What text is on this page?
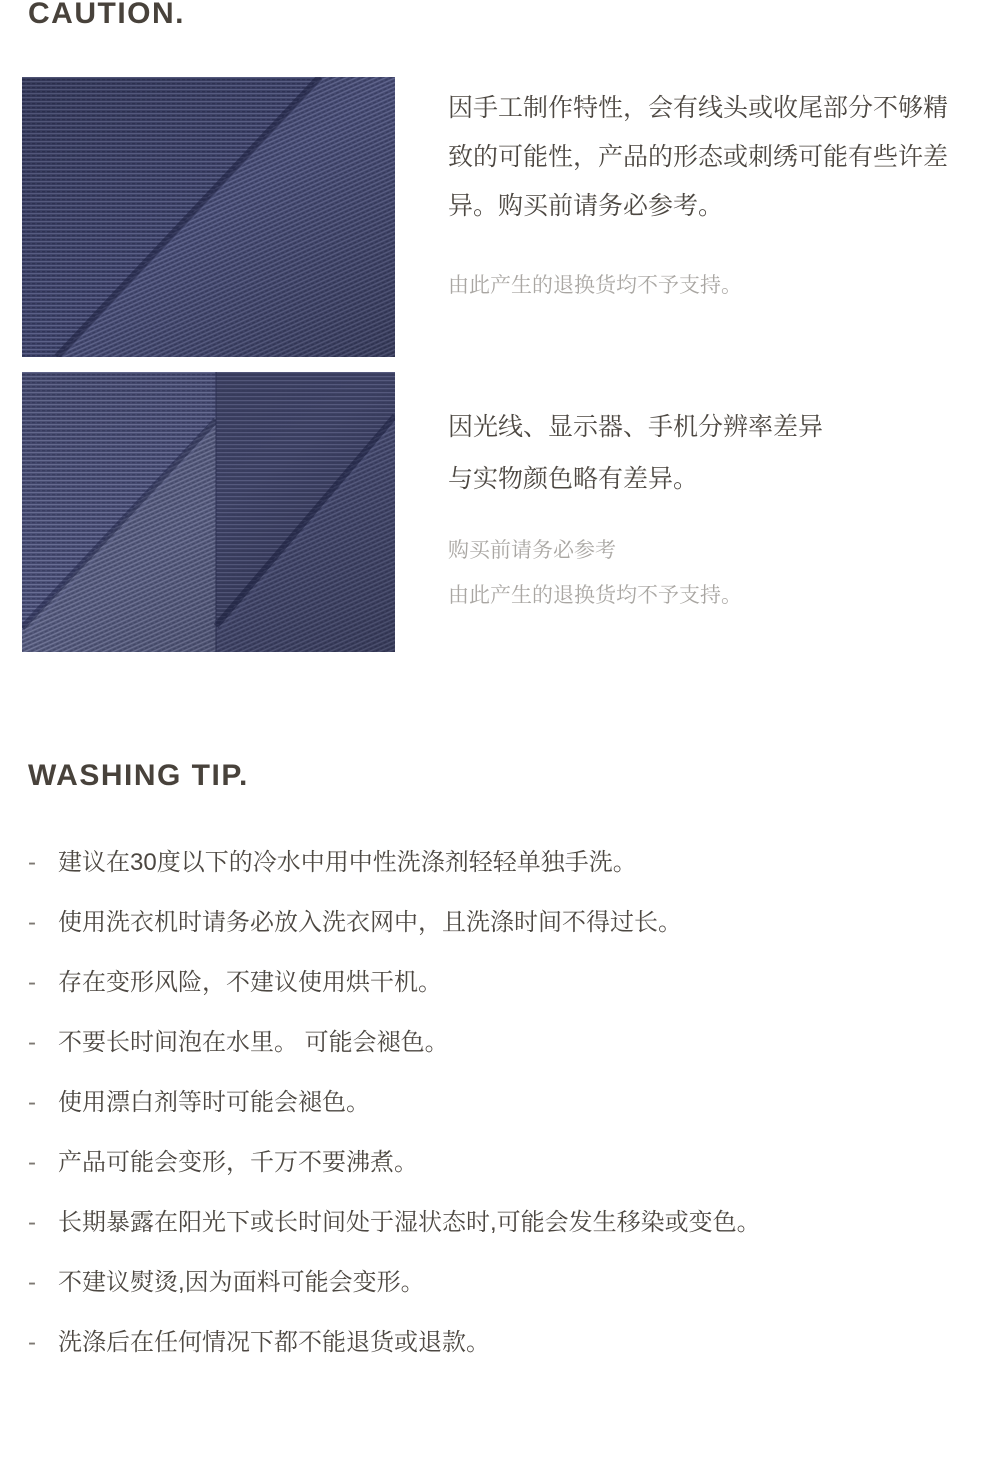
CAUTION.

因手工制作特性，会有线头或收尾部分不够精致的可能性，产品的形态或刺绣可能有些许差异。购买前请务必参考。

由此产生的退换货均不予支持。

因光线、显示器、手机分辨率差异
与实物颜色略有差异。

购买前请务必参考
由此产生的退换货均不予支持。

WASHING TIP.
- 建议在30度以下的冷水中用中性洗涤剂轻轻单独手洗。
- 使用洗衣机时请务必放入洗衣网中，且洗涤时间不得过长。
- 存在变形风险，不建议使用烘干机。
- 不要长时间泡在水里。 可能会褪色。
- 使用漂白剂等时可能会褪色。
- 产品可能会变形，千万不要沸煮。
- 长期暴露在阳光下或长时间处于湿状态时,可能会发生移染或变色。
- 不建议熨烫,因为面料可能会变形。
- 洗涤后在任何情况下都不能退货或退款。
